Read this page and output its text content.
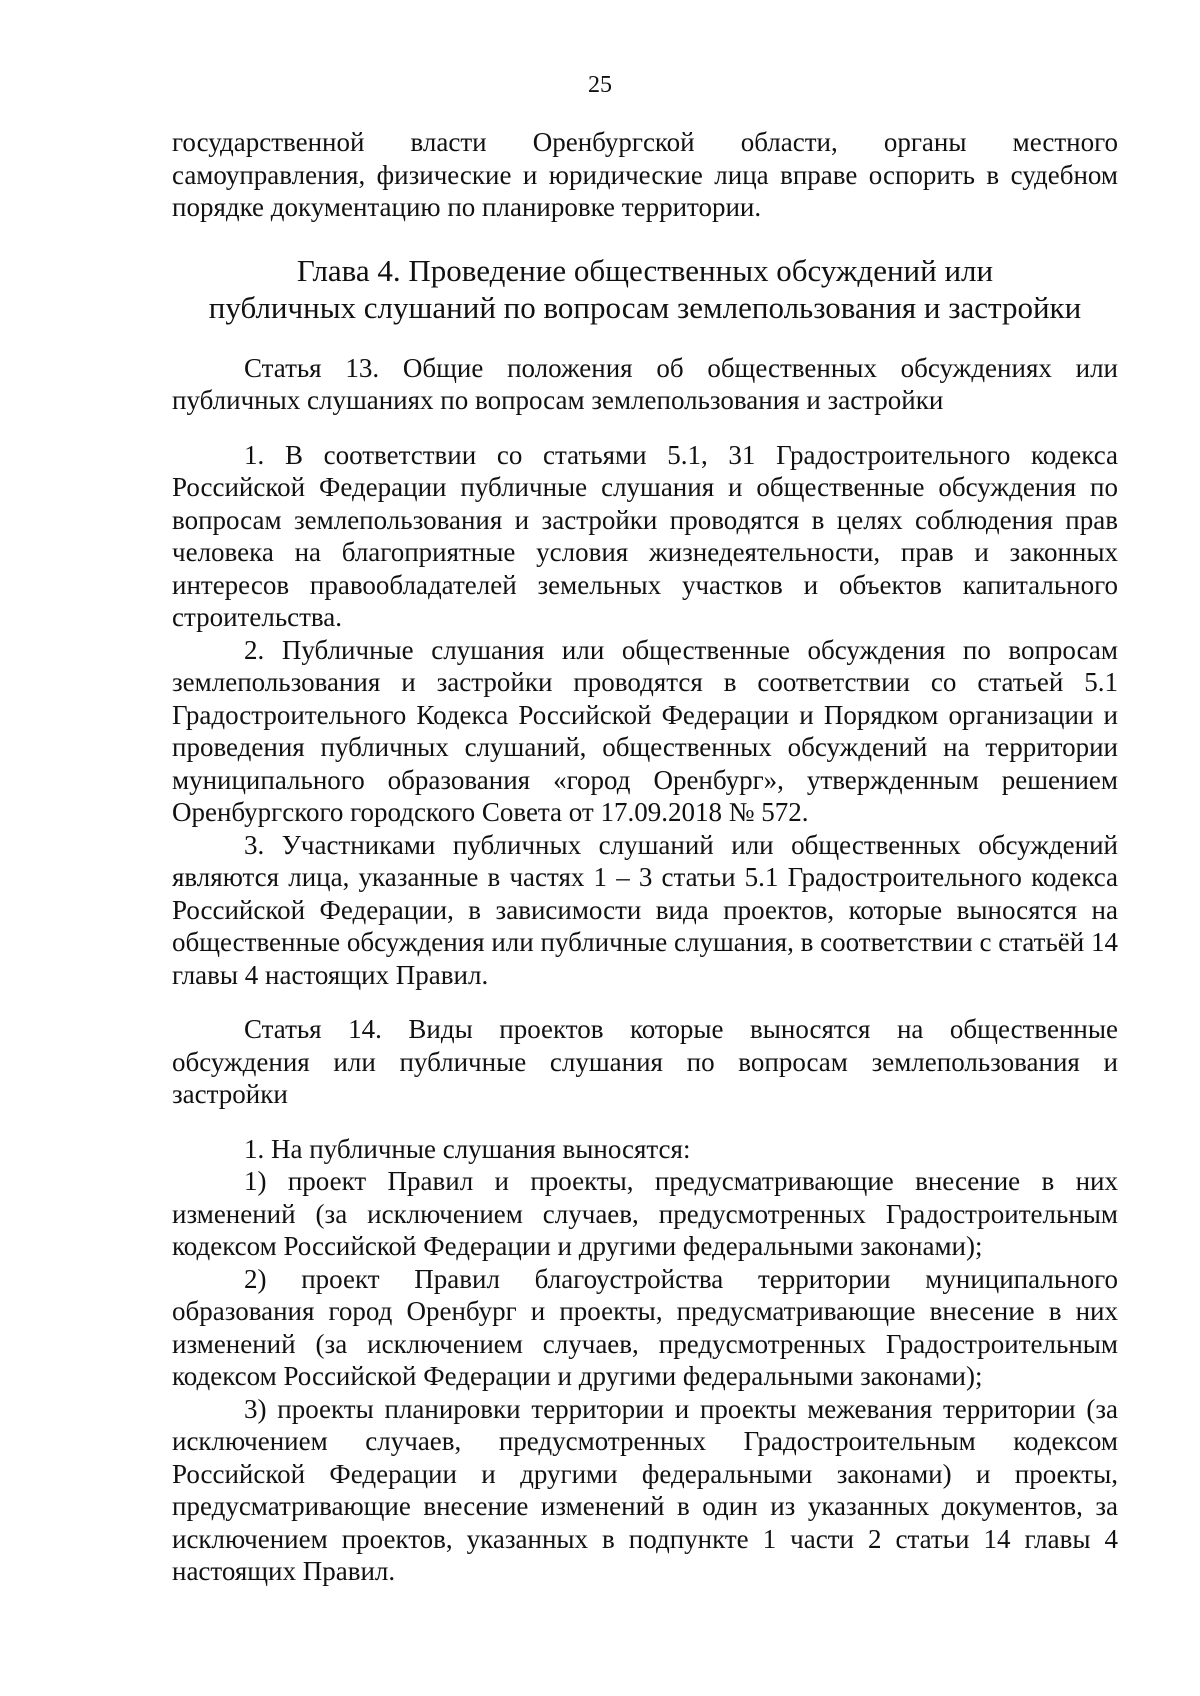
25

государственной власти Оренбургской области, органы местного самоуправления, физические и юридические лица вправе оспорить в судебном порядке документацию по планировке территории.

Глава 4. Проведение общественных обсуждений или
публичных слушаний по вопросам землепользования и застройки

Статья 13. Общие положения об общественных обсуждениях или публичных слушаниях по вопросам землепользования и застройки

1. В соответствии со статьями 5.1, 31 Градостроительного кодекса Российской Федерации публичные слушания и общественные обсуждения по вопросам землепользования и застройки проводятся в целях соблюдения прав человека на благоприятные условия жизнедеятельности, прав и законных интересов правообладателей земельных участков и объектов капитального строительства.

2. Публичные слушания или общественные обсуждения по вопросам землепользования и застройки проводятся в соответствии со статьей 5.1 Градостроительного Кодекса Российской Федерации и Порядком организации и проведения публичных слушаний, общественных обсуждений на территории муниципального образования «город Оренбург», утвержденным решением Оренбургского городского Совета от 17.09.2018 № 572.

3. Участниками публичных слушаний или общественных обсуждений являются лица, указанные в частях 1 – 3 статьи 5.1 Градостроительного кодекса Российской Федерации, в зависимости вида проектов, которые выносятся на общественные обсуждения или публичные слушания, в соответствии с статьёй 14 главы 4 настоящих Правил.

Статья 14. Виды проектов которые выносятся на общественные обсуждения или публичные слушания по вопросам землепользования и застройки

1. На публичные слушания выносятся:

1) проект Правил и проекты, предусматривающие внесение в них изменений (за исключением случаев, предусмотренных Градостроительным кодексом Российской Федерации и другими федеральными законами);

2) проект Правил благоустройства территории муниципального образования город Оренбург и проекты, предусматривающие внесение в них изменений (за исключением случаев, предусмотренных Градостроительным кодексом Российской Федерации и другими федеральными законами);

3) проекты планировки территории и проекты межевания территории (за исключением случаев, предусмотренных Градостроительным кодексом Российской Федерации и другими федеральными законами) и проекты, предусматривающие внесение изменений в один из указанных документов, за исключением проектов, указанных в подпункте 1 части 2 статьи 14 главы 4 настоящих Правил.
